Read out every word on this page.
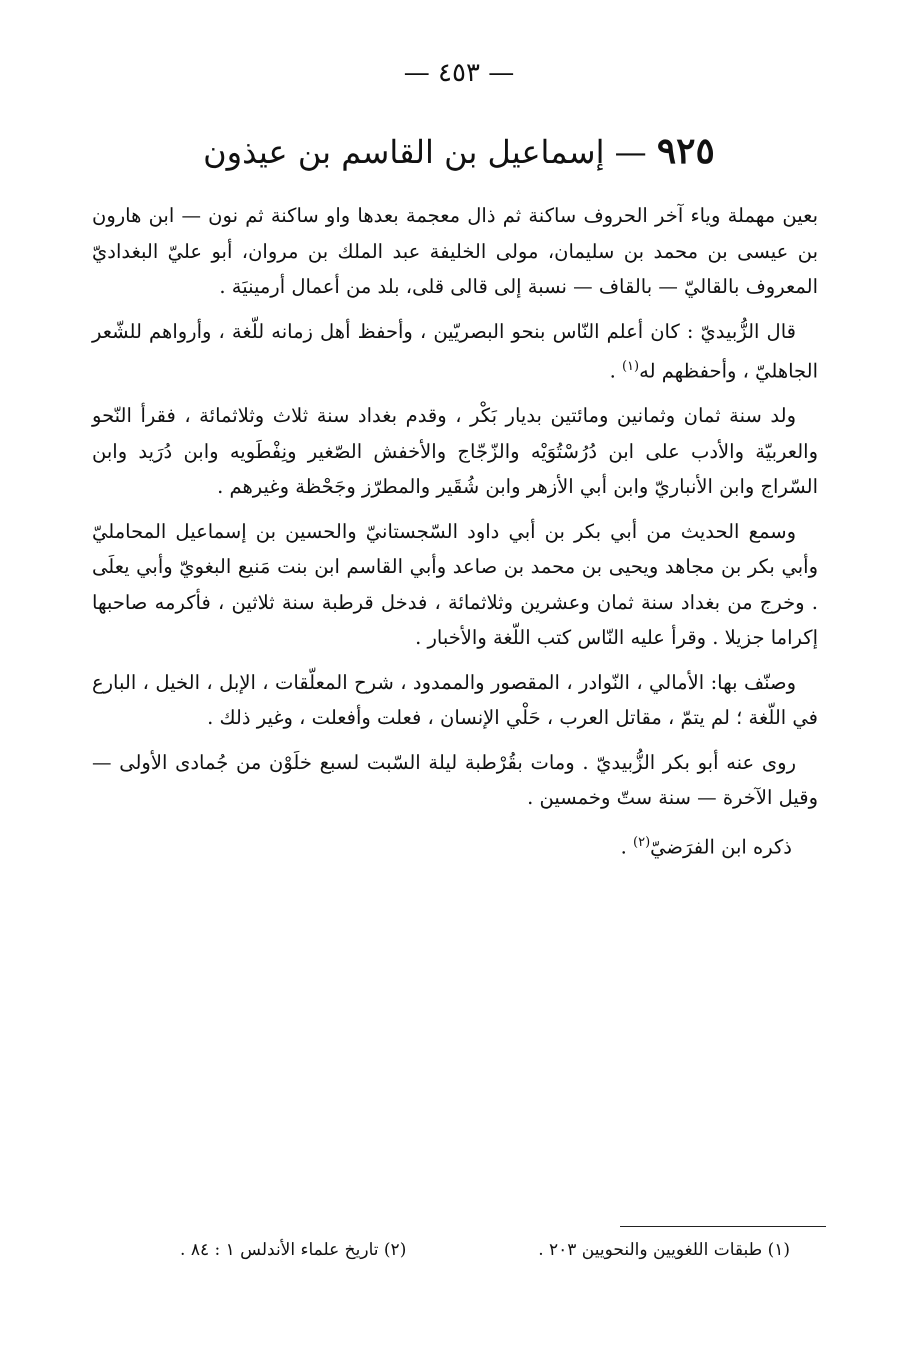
— ٤٥٣ —
٩٢٥ — إسماعيل بن القاسم بن عيذون

بعين مهملة وياء آخر الحروف ساكنة ثم ذال معجمة بعدها واو ساكنة ثم نون — ابن هارون بن عيسى بن محمد بن سليمان، مولى الخليفة عبد الملك بن مروان، أبو عليّ البغداديّ المعروف بالقاليّ — بالقاف — نسبة إلى قالى قلى، بلد من أعمال أرمينيَة .

قال الزُّبيديّ : كان أعلم النّاس بنحو البصريّين ، وأحفظ أهل زمانه للّغة ، وأرواهم للشّعر الجاهليّ ، وأحفظهم له$^{(١)}$ .

ولد سنة ثمان وثمانين ومائتين بديار بَكْر ، وقدم بغداد سنة ثلاث وثلاثمائة ، فقرأ النّحو والعربيّة والأدب على ابن دُرُسْتُوَيْه والزّجّاج والأخفش الصّغير ونِفْطَويه وابن دُرَيد وابن السّراج وابن الأنباريّ وابن أبي الأزهر وابن شُقَير والمطرّز وجَحْظة وغيرهم .

وسمع الحديث من أبي بكر بن أبي داود السّجستانيّ والحسين بن إسماعيل المحامليّ وأبي بكر بن مجاهد ويحيى بن محمد بن صاعد وأبي القاسم ابن بنت مَنيع البغويّ وأبي يعلَى . وخرج من بغداد سنة ثمان وعشرين وثلاثمائة ، فدخل قرطبة سنة ثلاثين ، فأكرمه صاحبها إكراما جزيلا . وقرأ عليه النّاس كتب اللّغة والأخبار .

وصنّف بها: الأمالي ، النّوادر ، المقصور والممدود ، شرح المعلّقات ، الإبل ، الخيل ، البارع في اللّغة ؛ لم يتمّ ، مقاتل العرب ، حَلْي الإنسان ، فعلت وأفعلت ، وغير ذلك .

روى عنه أبو بكر الزُّبيديّ . ومات بقُرْطبة ليلة السّبت لسبع خلَوْن من جُمادى الأولى — وقيل الآخرة — سنة ستّ وخمسين .

ذكره ابن الفرَضيّ$^{(٢)}$ .

(١) طبقات اللغويين والنحويين ٢٠٣ .
(٢) تاريخ علماء الأندلس ١ : ٨٤ .
